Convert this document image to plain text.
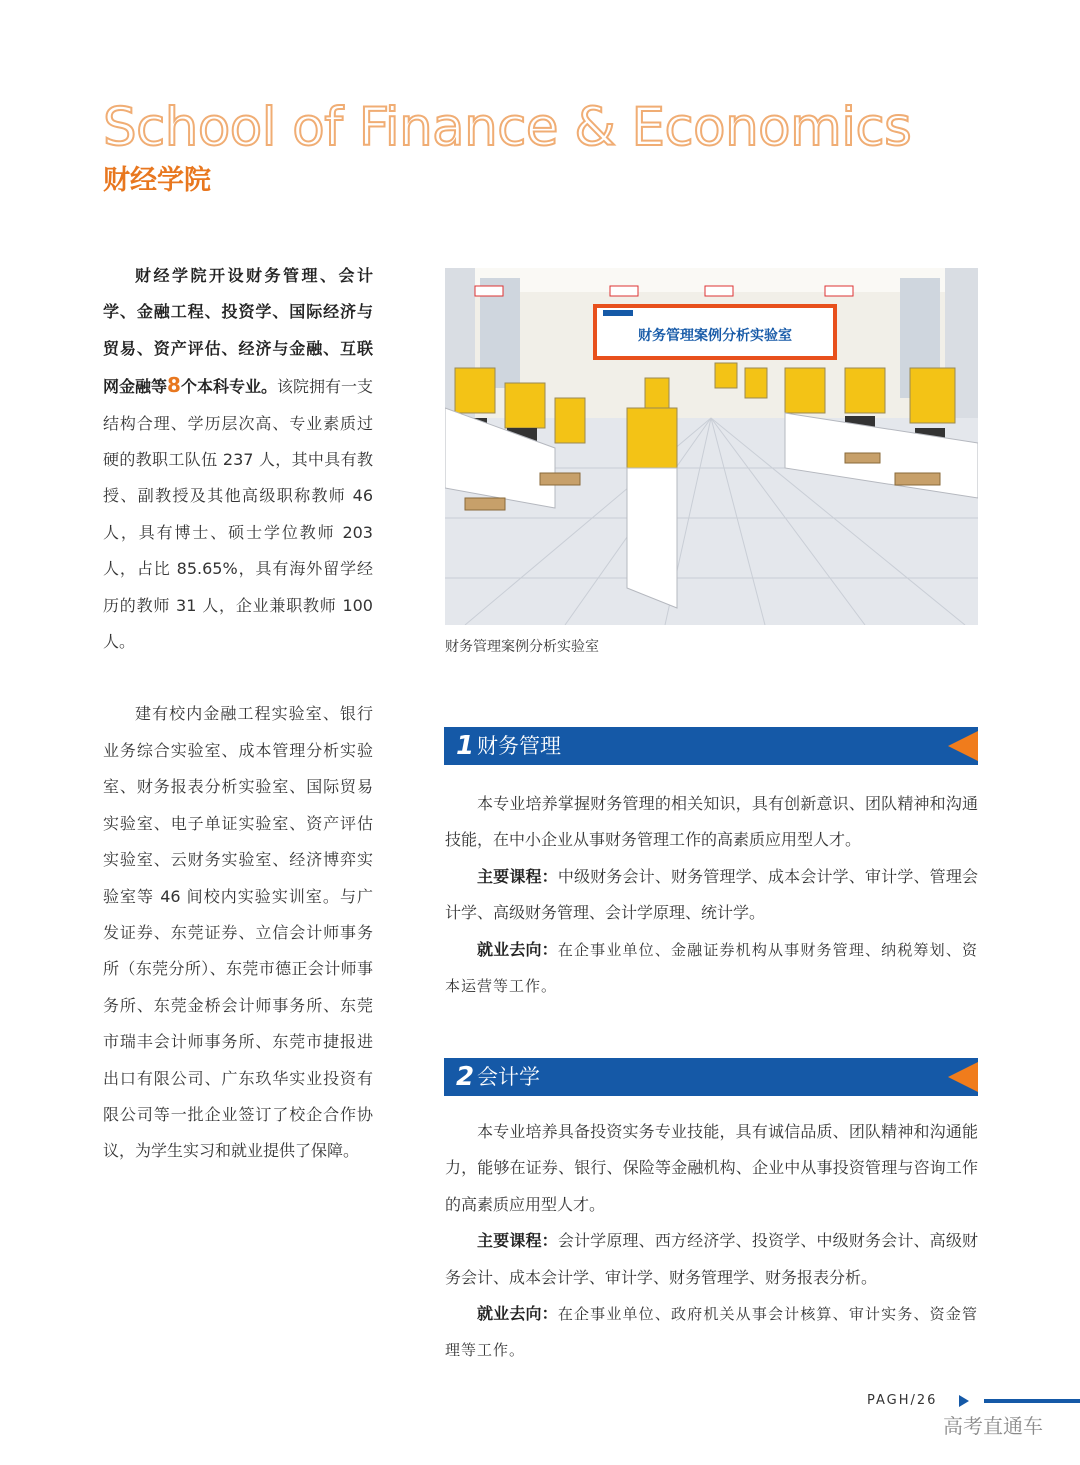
School of Finance & Economics
财经学院

财经学院开设财务管理、会计学、金融工程、投资学、国际经济与贸易、资产评估、经济与金融、互联网金融等8个本科专业。该院拥有一支结构合理、学历层次高、专业素质过硬的教职工队伍 237 人，其中具有教授、副教授及其他高级职称教师 46 人，具有博士、硕士学位教师 203 人，占比 85.65%，具有海外留学经历的教师 31 人，企业兼职教师 100 人。

建有校内金融工程实验室、银行业务综合实验室、成本管理分析实验室、财务报表分析实验室、国际贸易实验室、电子单证实验室、资产评估实验室、云财务实验室、经济博弈实验室等 46 间校内实验实训室。与广发证券、东莞证券、立信会计师事务所（东莞分所）、东莞市德正会计师事务所、东莞金桥会计师事务所、东莞市瑞丰会计师事务所、东莞市捷报进出口有限公司、广东玖华实业投资有限公司等一批企业签订了校企合作协议，为学生实习和就业提供了保障。

财务管理案例分析实验室
财务管理案例分析实验室
1 财务管理

本专业培养掌握财务管理的相关知识，具有创新意识、团队精神和沟通技能，在中小企业从事财务管理工作的高素质应用型人才。

主要课程：中级财务会计、财务管理学、成本会计学、审计学、管理会计学、高级财务管理、会计学原理、统计学。

就业去向：在企事业单位、金融证券机构从事财务管理、纳税筹划、资本运营等工作。

2 会计学

本专业培养具备投资实务专业技能，具有诚信品质、团队精神和沟通能力，能够在证券、银行、保险等金融机构、企业中从事投资管理与咨询工作的高素质应用型人才。

主要课程：会计学原理、西方经济学、投资学、中级财务会计、高级财务会计、成本会计学、审计学、财务管理学、财务报表分析。

就业去向：在企事业单位、政府机关从事会计核算、审计实务、资金管理等工作。

PAGH/26
高考直通车
